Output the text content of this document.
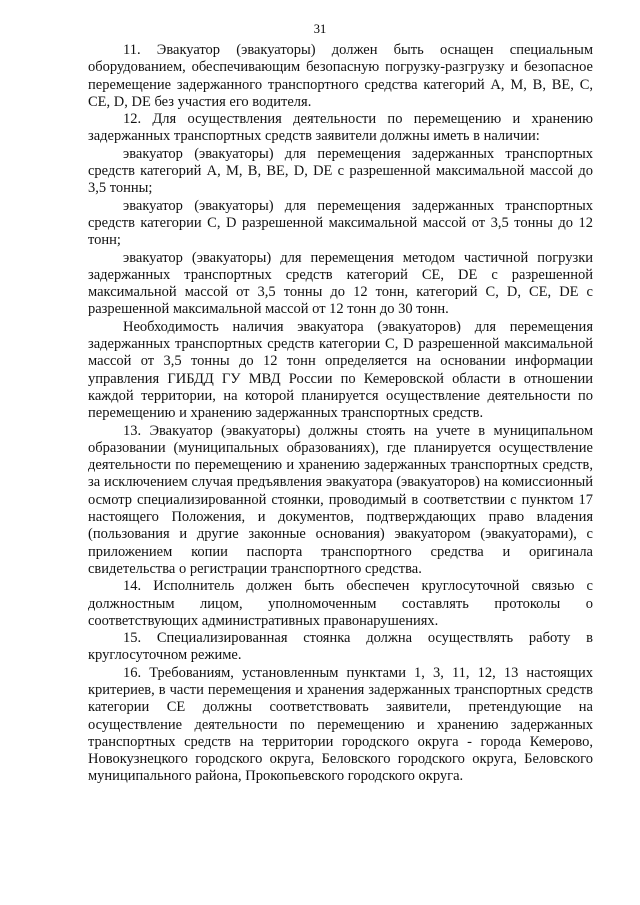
31

11. Эвакуатор (эвакуаторы) должен быть оснащен специальным оборудованием, обеспечивающим безопасную погрузку-разгрузку и безопасное перемещение задержанного транспортного средства категорий A, M, B, BE, C, CE, D, DE без участия его водителя.

12. Для осуществления деятельности по перемещению и хранению задержанных транспортных средств заявители должны иметь в наличии:

эвакуатор (эвакуаторы) для перемещения задержанных транспортных средств категорий A, M, B, BE, D, DE с разрешенной максимальной массой до 3,5 тонны;

эвакуатор (эвакуаторы) для перемещения задержанных транспортных средств категории C, D разрешенной максимальной массой от 3,5 тонны до 12 тонн;

эвакуатор (эвакуаторы) для перемещения методом частичной погрузки задержанных транспортных средств категорий CE, DE с разрешенной максимальной массой от 3,5 тонны до 12 тонн, категорий C, D, CE, DE с разрешенной максимальной массой от 12 тонн до 30 тонн.

Необходимость наличия эвакуатора (эвакуаторов) для перемещения задержанных транспортных средств категории C, D разрешенной максимальной массой от 3,5 тонны до 12 тонн определяется на основании информации управления ГИБДД ГУ МВД России по Кемеровской области в отношении каждой территории, на которой планируется осуществление деятельности по перемещению и хранению задержанных транспортных средств.

13. Эвакуатор (эвакуаторы) должны стоять на учете в муниципальном образовании (муниципальных образованиях), где планируется осуществление деятельности по перемещению и хранению задержанных транспортных средств, за исключением случая предъявления эвакуатора (эвакуаторов) на комиссионный осмотр специализированной стоянки, проводимый в соответствии с пунктом 17 настоящего Положения, и документов, подтверждающих право владения (пользования и другие законные основания) эвакуатором (эвакуаторами), с приложением копии паспорта транспортного средства и оригинала свидетельства о регистрации транспортного средства.

14. Исполнитель должен быть обеспечен круглосуточной связью с должностным лицом, уполномоченным составлять протоколы о соответствующих административных правонарушениях.

15. Специализированная стоянка должна осуществлять работу в круглосуточном режиме.

16. Требованиям, установленным пунктами 1, 3, 11, 12, 13 настоящих критериев, в части перемещения и хранения задержанных транспортных средств категории CE должны соответствовать заявители, претендующие на осуществление деятельности по перемещению и хранению задержанных транспортных средств на территории городского округа - города Кемерово, Новокузнецкого городского округа, Беловского городского округа, Беловского муниципального района, Прокопьевского городского округа.
